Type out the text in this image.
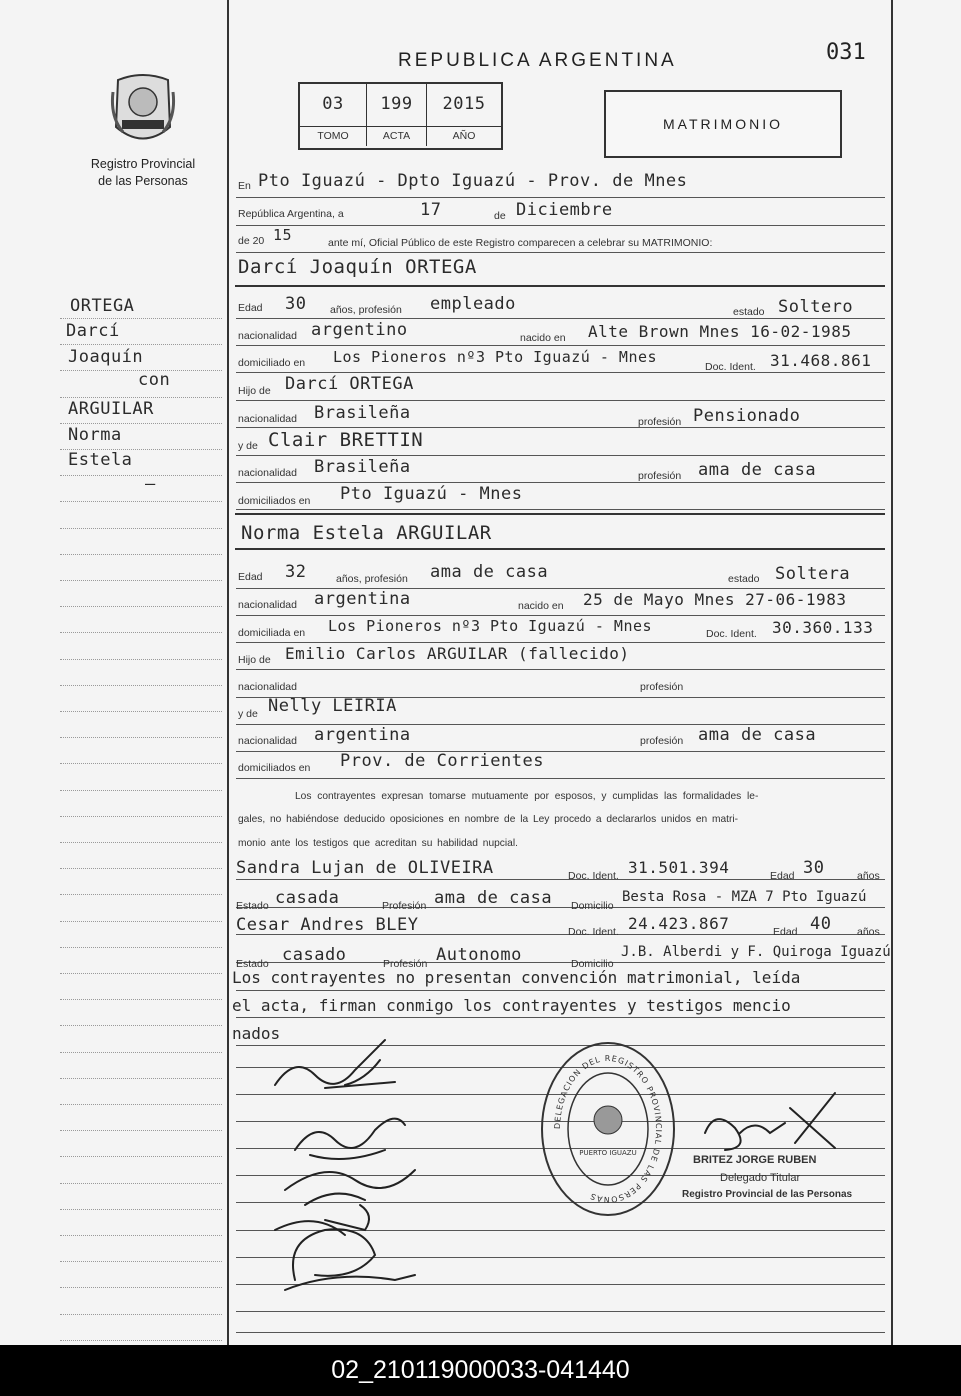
Registro Provincial
de las Personas
ORTEGA
Darcí
Joaquín
con
ARGUILAR
Norma
Estela
—
REPUBLICA ARGENTINA	031
03	199	2015
TOMO	ACTA	AÑO
MATRIMONIO
En Pto Iguazú - Dpto Iguazú - Prov. de Mnes
República Argentina, a	17	de Diciembre
de 20 15	ante mí, Oficial Público de este Registro comparecen a celebrar su MATRIMONIO:
Darcí Joaquín ORTEGA
Edad 30 años, profesión empleado	estado Soltero
nacionalidad argentino	nacido en Alte Brown Mnes 16-02-1985
domiciliado en Los Pioneros nº3 Pto Iguazú - Mnes
Doc. Ident. 31.468.861
Hijo de Darcí ORTEGA
nacionalidad Brasileña	profesión Pensionado
y de Clair BRETTIN
nacionalidad Brasileña	profesión ama de casa
domiciliados en Pto Iguazú - Mnes
Norma Estela ARGUILAR
Edad 32	años, profesión ama de casa	estado Soltera
nacionalidad argentina	nacido en 25 de Mayo Mnes 27-06-1983
domiciliada en Los Pioneros nº3 Pto Iguazú - Mnes	Doc. Ident. 30.360.133
Hijo de Emilio Carlos ARGUILAR (fallecido)
nacionalidad	profesión
y de Nelly LEIRIA
nacionalidad argentina	profesión ama de casa
domiciliados en Prov. de Corrientes
Los contrayentes expresan tomarse mutuamente por esposos, y cumplidas las formalidades le-
gales, no habiéndose deducido oposiciones en nombre de la Ley procedo a declararlos unidos en matri-
monio ante los testigos que acreditan su habilidad nupcial.
Sandra Lujan de OLIVEIRA	Doc. Ident. 31.501.394	Edad 30	años
Estado casada	Profesión ama de casa Domicilio
Besta Rosa - MZA 7 Pto Iguazú
Cesar Andres BLEY	Doc. Ident. 24.423.867	Edad 40 años
Estado casado	Profesión Autonomo	Domicilio
J.B. Alberdi y F. Quiroga Iguazú
Los contrayentes no presentan convención matrimonial, leída
el acta, firman conmigo los contrayentes y testigos mencio
nados
DELEGACION DEL REGISTRO PROVINCIAL DE LAS PERSONAS
PUERTO IGUAZU
BRITEZ JORGE RUBEN
Delegado Titular
Registro Provincial de las Personas
02_210119000033-041440
